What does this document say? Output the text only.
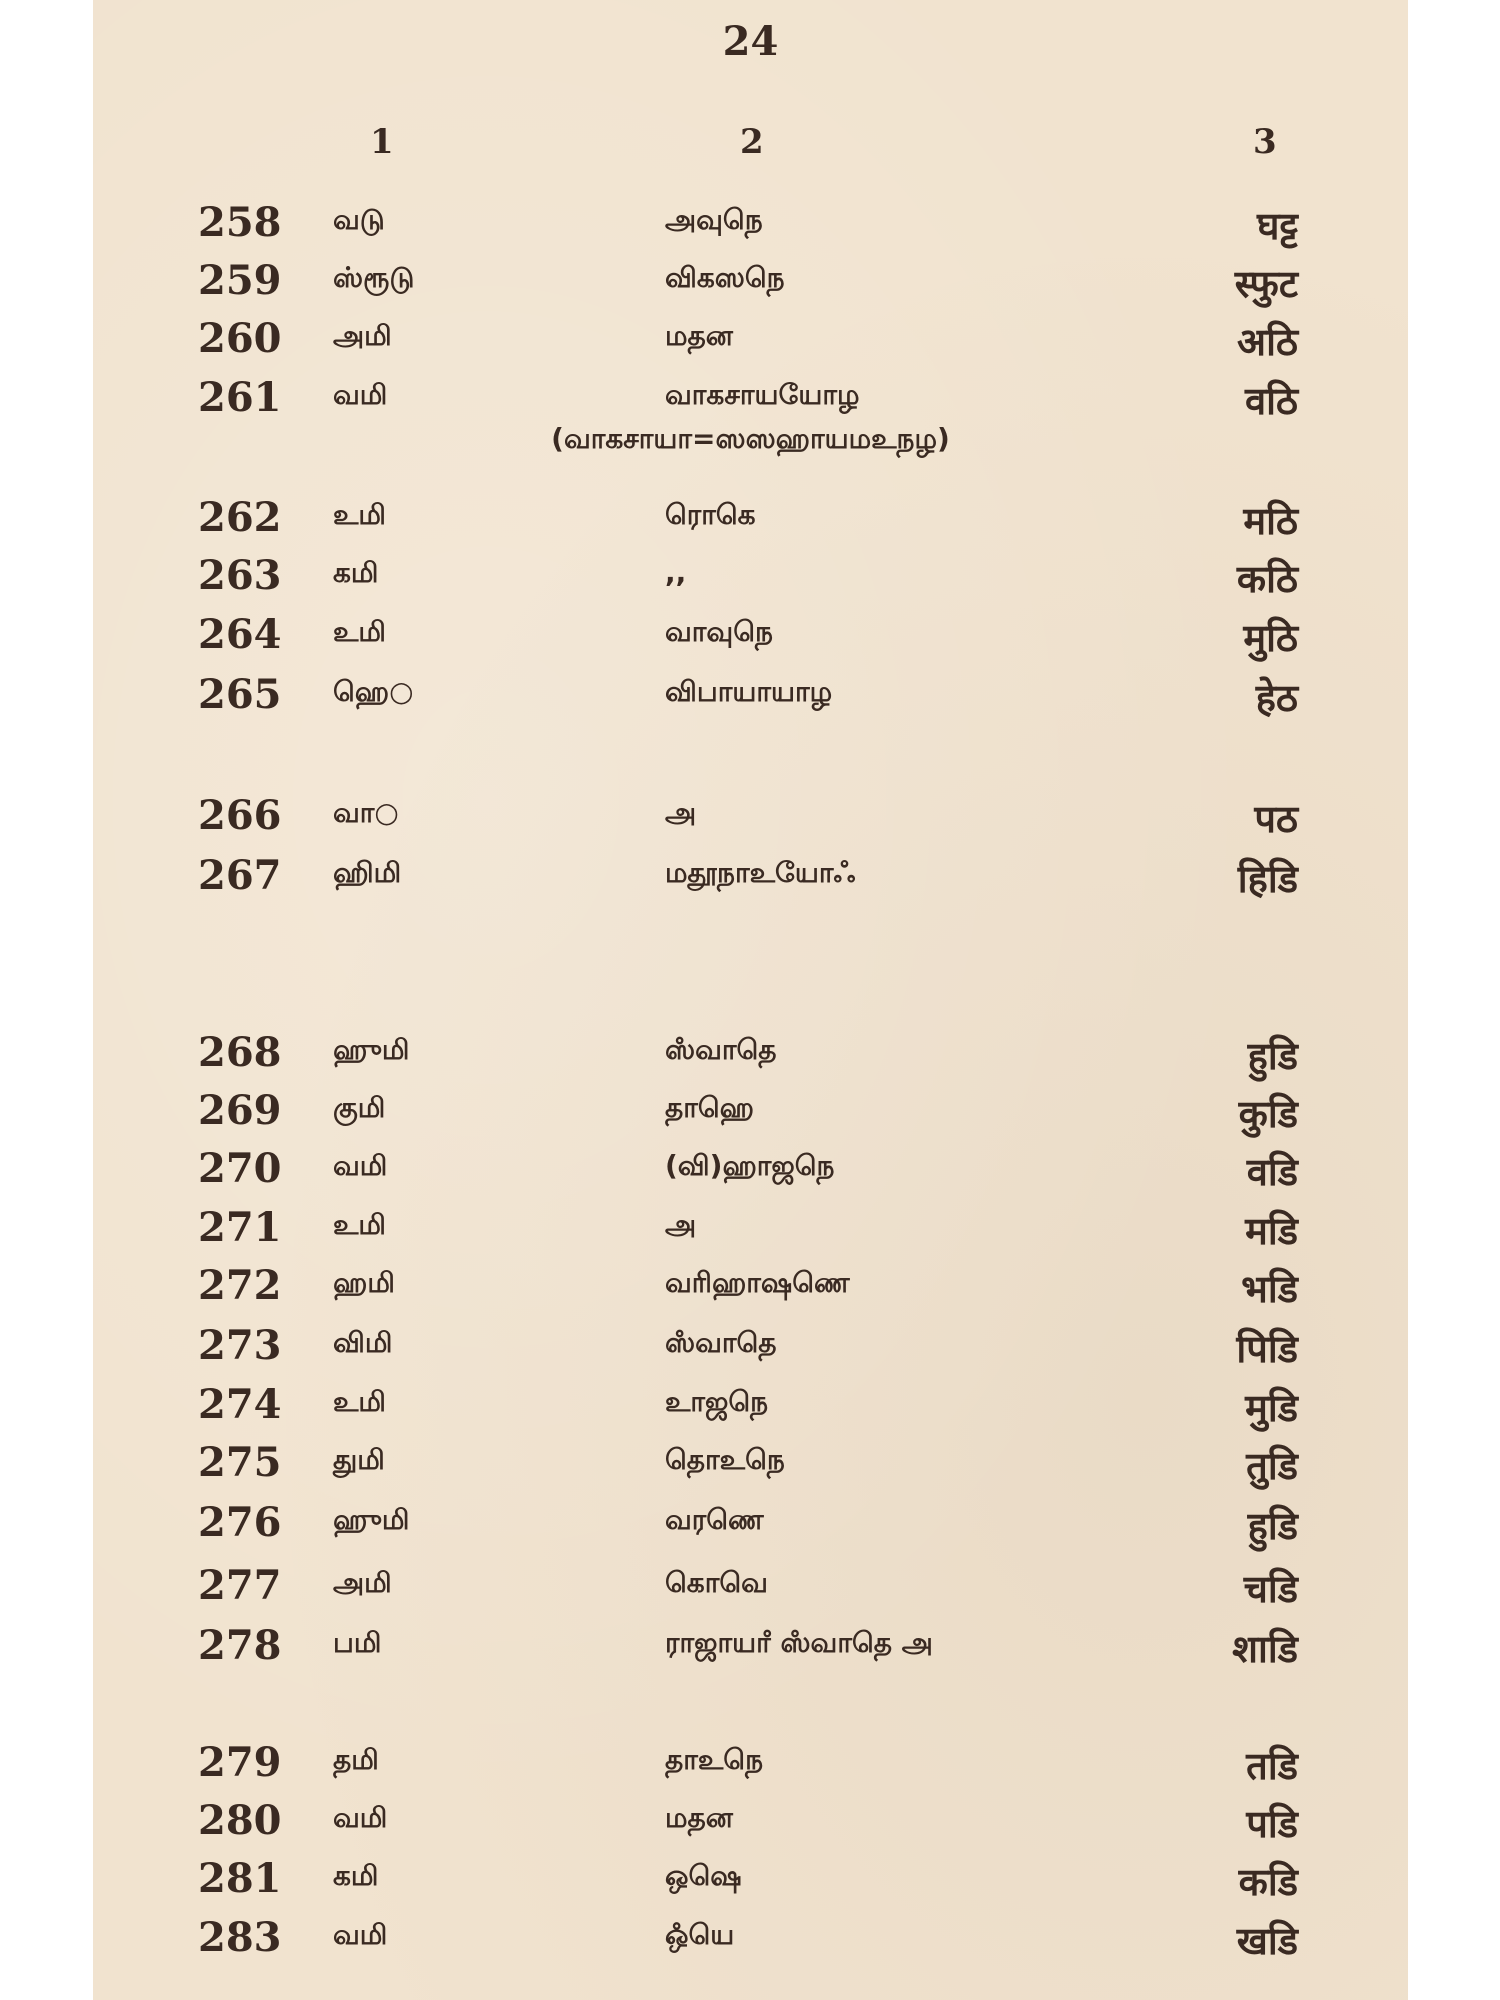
24
1	2	3
(வாகசாயா=ஸஸஹாயமஉநழ)
258	வடு	அவுநெ	घट्ट
259	ஸ்ரூடு	விகஸநெ	स्फुट
260	அமி	மதன	अठि
261	வமி	வாகசாயயோழ	वठि
262	உமி	ரொகெ	मठि
263	கமி	,,	कठि
264	உமி	வாவுநெ	मुठि
265	ஹெ○	விபாயாயாழ	हेठ
266	வா○	அ	पठ
267	ஹிமி	மதூநாஉயோஃ	हिडि
268	ஹுமி	ஸஂவாதெ	हुडि
269	குமி	தாஹெ	कुडि
270	வமி	(வி)ஹாஜநெ	वडि
271	உமி	அ	मडि
272	ஹமி	வரிஹாஷணெ	भडि
273	விமி	ஸஂவாதெ	पिडि
274	உமி	உாஜநெ	मुडि
275	துமி	தொஉநெ	तुडि
276	ஹுமி	வரணெ	हुडि
277	அமி	கொவெ	चडि
278	பமி	ராஜாயாஂ ஸஂவாதெ அ	शाडि
279	தமி	தாஉநெ	तडि
280	வமி	மதன	पडि
281	கமி	ஒஷெ	कडि
283	வமி	ஒஂயெ	खडि
